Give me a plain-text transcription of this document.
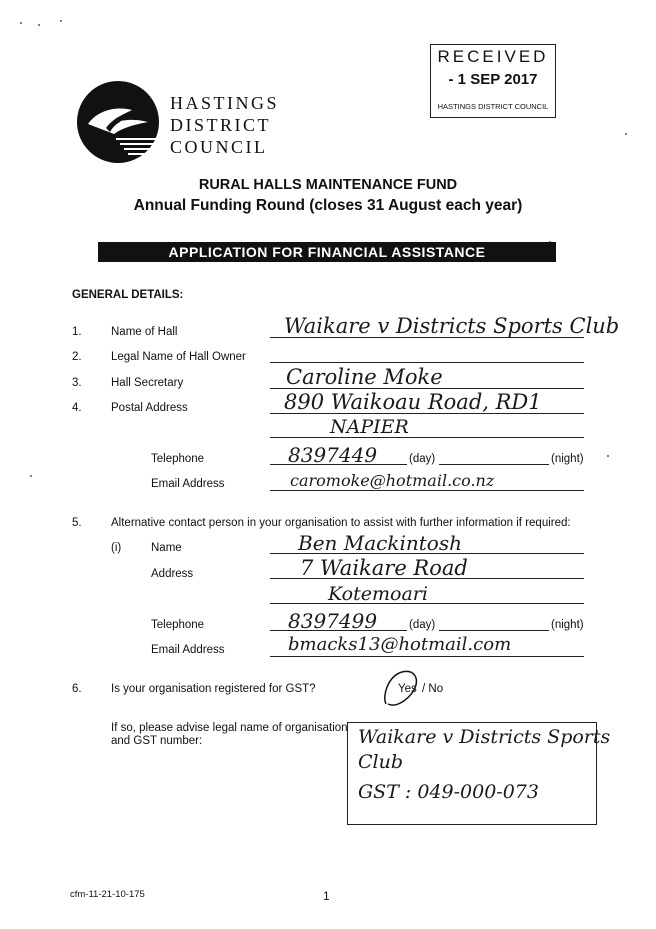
HASTINGS
DISTRICT
COUNCIL
RECEIVED
- 1 SEP 2017
HASTINGS DISTRICT COUNCIL
RURAL HALLS MAINTENANCE FUND
Annual Funding Round (closes 31 August each year)
APPLICATION FOR FINANCIAL ASSISTANCE
GENERAL DETAILS:
1.	Name of Hall	Waikare v Districts Sports Club
2.	Legal Name of Hall Owner
3.	Hall Secretary	Caroline Moke
4.	Postal Address	890 Waikoau Road, RD1
NAPIER
Telephone	8397449	(day)	(night)
Email Address	caromoke@hotmail.co.nz
5.	Alternative contact person in your organisation to assist with further information if required:
(i)	Name	Ben Mackintosh
Address	7 Waikare Road
Kotemoari
Telephone	8397499	(day)	(night)
Email Address	bmacks13@hotmail.com
6.	Is your organisation registered for GST?	Yes / No
If so, please advise legal name of organisation
and GST number:	Waikare v Districts Sports
Club
GST : 049-000-073
cfm-11-21-10-175	1
